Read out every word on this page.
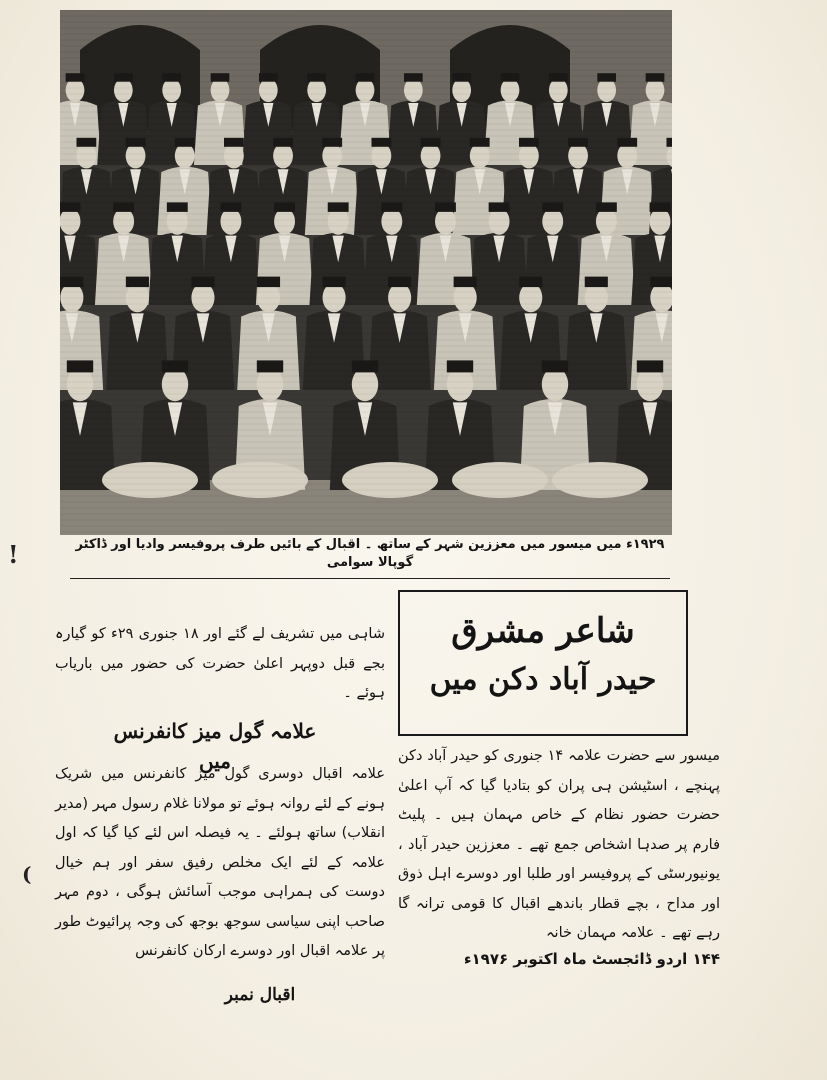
۱۹۲۹ء میں میسور میں معززین شہر کے ساتھ ۔ اقبال کے بائیں طرف پروفیسر وادیا اور ڈاکٹر گوپالا سوامی
!
(
شاعر مشرق
حیدر آباد دکن میں

شاہی میں تشریف لے گئے اور ۱۸ جنوری ۲۹ء کو گیارہ بجے قبل دوپہر اعلیٰ حضرت کی حضور میں باریاب ہوئے ۔

علامہ گول میز کانفرنس میں

علامہ اقبال دوسری گول میز کانفرنس میں شریک ہونے کے لئے روانہ ہوئے تو مولانا غلام رسول مہر (مدیر انقلاب) ساتھ ہولئے ۔ یہ فیصلہ اس لئے کیا گیا کہ اول علامہ کے لئے ایک مخلص رفیق سفر اور ہم خیال دوست کی ہمراہی موجب آسائش ہوگی ، دوم مہر صاحب اپنی سیاسی سوجھ بوجھ کی وجہ پرائیوٹ طور پر علامہ اقبال اور دوسرے ارکان کانفرنس

میسور سے حضرت علامہ ۱۴ جنوری کو حیدر آباد دکن پہنچے ، اسٹیشن ہی پران کو بتادیا گیا کہ آپ اعلیٰ حضرت حضور نظام کے خاص مہمان ہیں ۔ پلیٹ فارم پر صدہا اشخاص جمع تھے ۔ معززین حیدر آباد ، یونیورسٹی کے پروفیسر اور طلبا اور دوسرے اہل ذوق اور مداح ، بچے قطار باندھے اقبال کا قومی ترانہ گا رہے تھے ۔ علامہ مہمان خانہ

۱۴۴ اردو ڈائجسٹ ماہ اکتوبر ۱۹۷۶ء
اقبال نمبر
